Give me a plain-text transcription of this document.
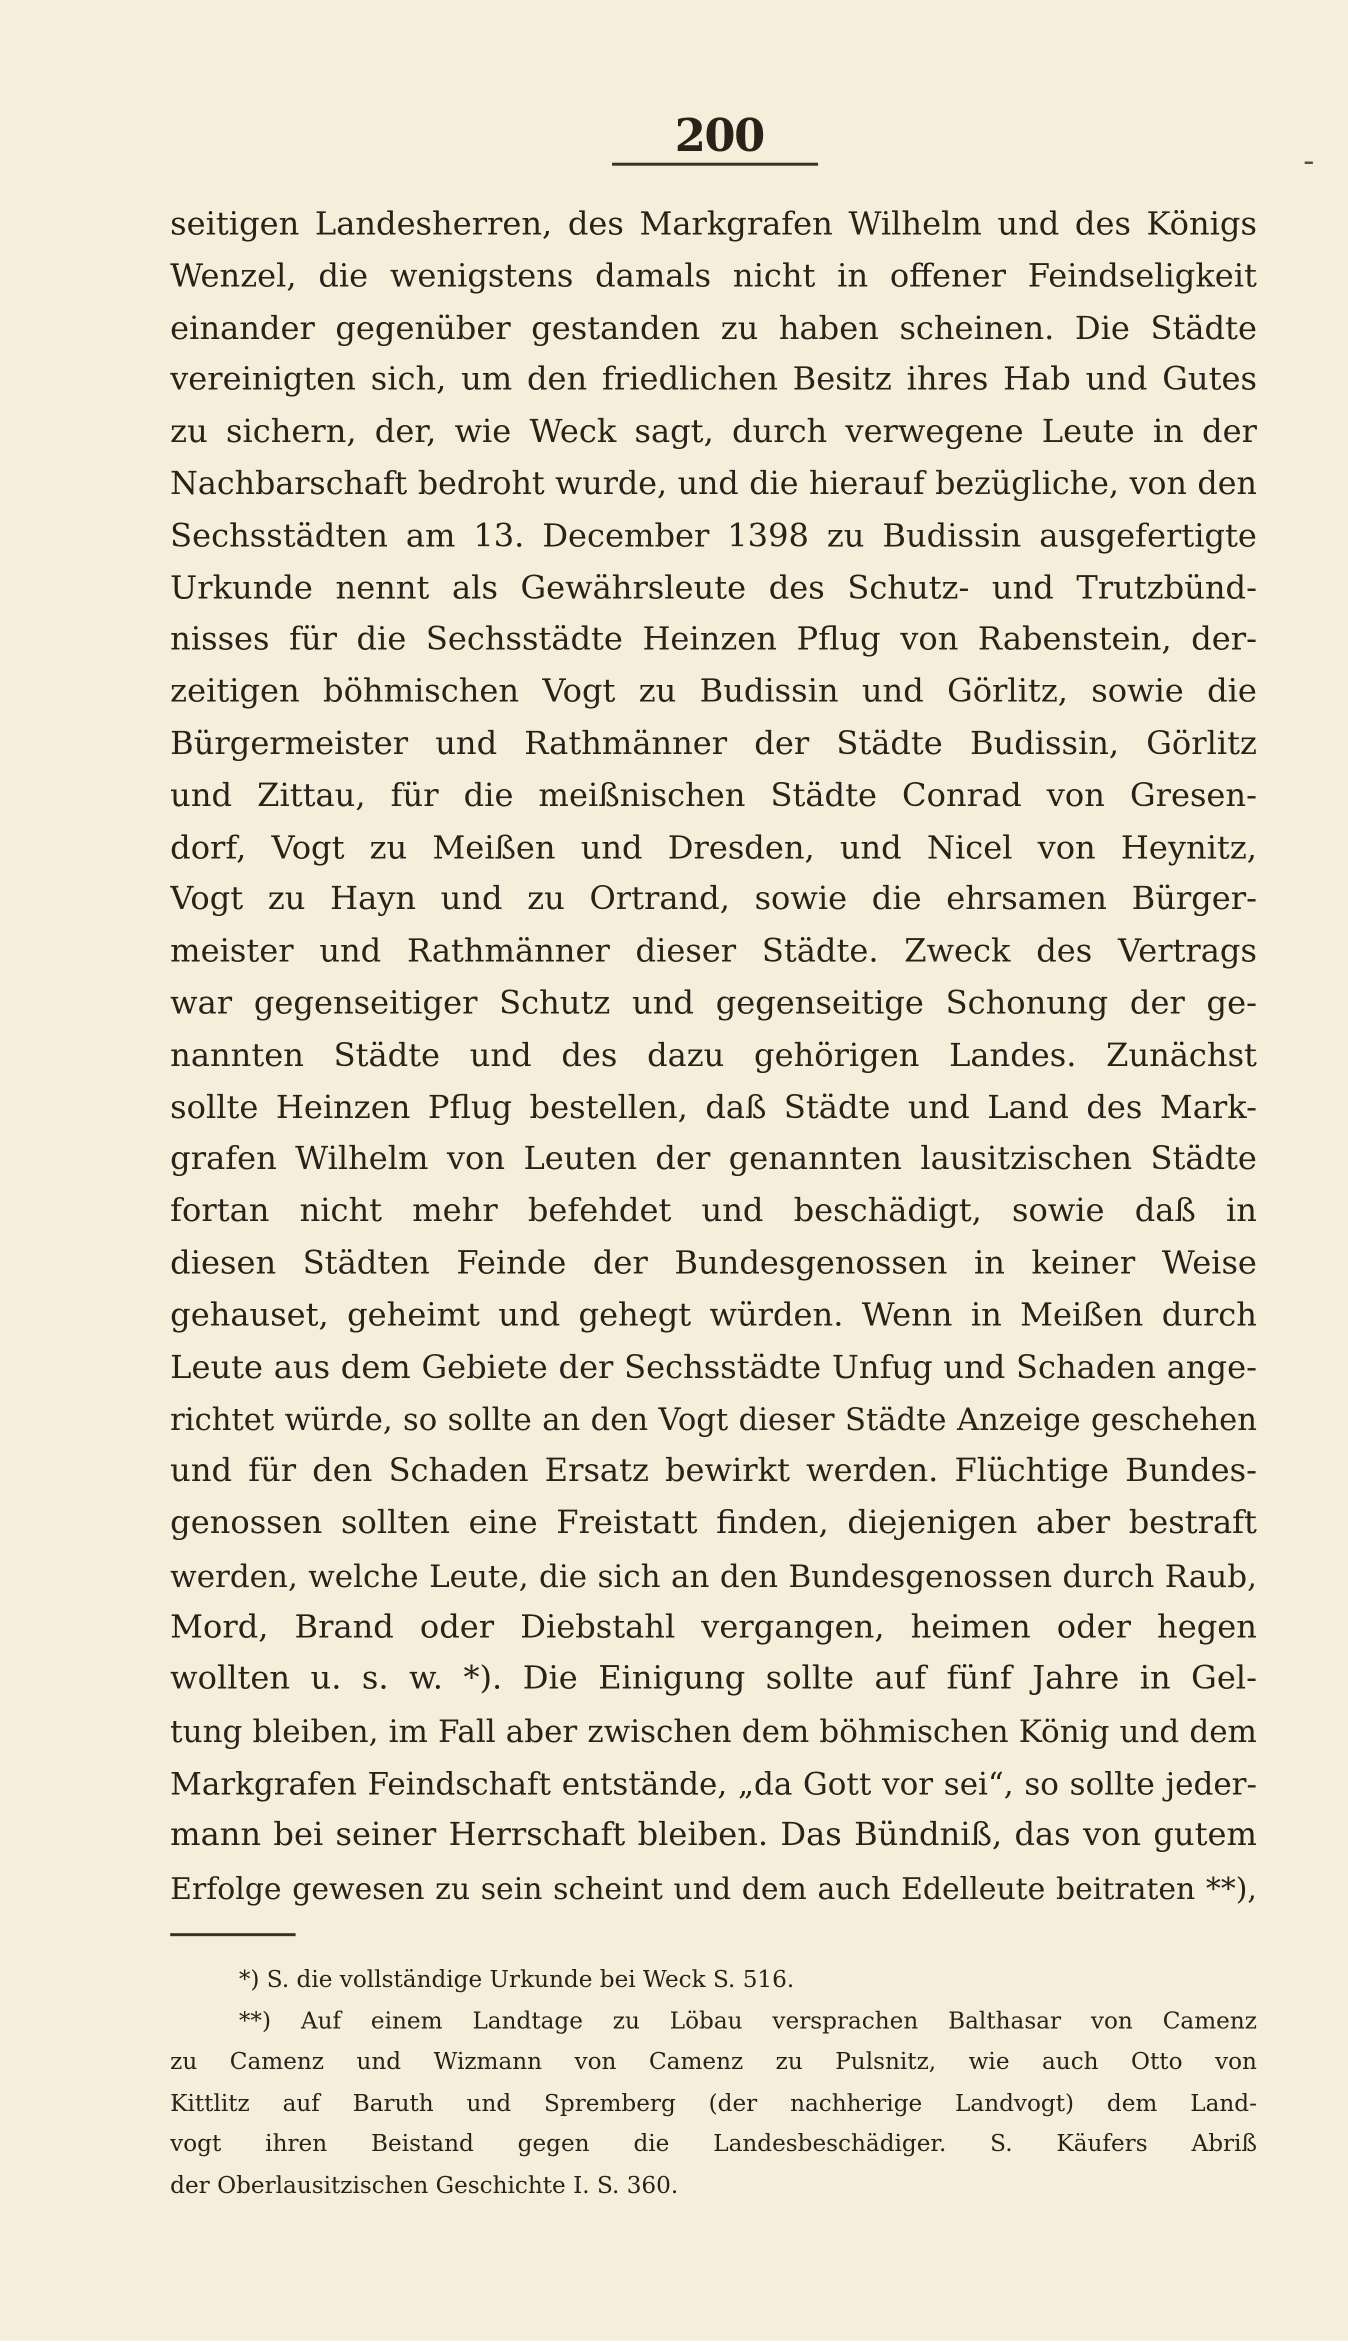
200	-
seitigen Landesherren, des Markgrafen Wilhelm und des Königs
Wenzel, die wenigstens damals nicht in offener Feindseligkeit
einander gegenüber gestanden zu haben scheinen. Die Städte
vereinigten sich, um den friedlichen Besitz ihres Hab und Gutes
zu sichern, der, wie Weck sagt, durch verwegene Leute in der
Nachbarschaft bedroht wurde, und die hierauf bezügliche, von den
Sechsstädten am 13. December 1398 zu Budissin ausgefertigte
Urkunde nennt als Gewährsleute des Schutz- und Trutzbünd-
nisses für die Sechsstädte Heinzen Pflug von Rabenstein, der-
zeitigen böhmischen Vogt zu Budissin und Görlitz, sowie die
Bürgermeister und Rathmänner der Städte Budissin, Görlitz
und Zittau, für die meißnischen Städte Conrad von Gresen-
dorf, Vogt zu Meißen und Dresden, und Nicel von Heynitz,
Vogt zu Hayn und zu Ortrand, sowie die ehrsamen Bürger-
meister und Rathmänner dieser Städte. Zweck des Vertrags
war gegenseitiger Schutz und gegenseitige Schonung der ge-
nannten Städte und des dazu gehörigen Landes. Zunächst
sollte Heinzen Pflug bestellen, daß Städte und Land des Mark-
grafen Wilhelm von Leuten der genannten lausitzischen Städte
fortan nicht mehr befehdet und beschädigt, sowie daß in
diesen Städten Feinde der Bundesgenossen in keiner Weise
gehauset, geheimt und gehegt würden. Wenn in Meißen durch
Leute aus dem Gebiete der Sechsstädte Unfug und Schaden ange-
richtet würde, so sollte an den Vogt dieser Städte Anzeige geschehen
und für den Schaden Ersatz bewirkt werden. Flüchtige Bundes-
genossen sollten eine Freistatt finden, diejenigen aber bestraft
werden, welche Leute, die sich an den Bundesgenossen durch Raub,
Mord, Brand oder Diebstahl vergangen, heimen oder hegen
wollten u. s. w. *). Die Einigung sollte auf fünf Jahre in Gel-
tung bleiben, im Fall aber zwischen dem böhmischen König und dem
Markgrafen Feindschaft entstände, „da Gott vor sei“, so sollte jeder-
mann bei seiner Herrschaft bleiben. Das Bündniß, das von gutem
Erfolge gewesen zu sein scheint und dem auch Edelleute beitraten **),
*) S. die vollständige Urkunde bei Weck S. 516.
**) Auf einem Landtage zu Löbau versprachen Balthasar von Camenz
zu Camenz und Wizmann von Camenz zu Pulsnitz, wie auch Otto von
Kittlitz auf Baruth und Spremberg (der nachherige Landvogt) dem Land-
vogt ihren Beistand gegen die Landesbeschädiger. S. Käufers Abriß
der Oberlausitzischen Geschichte I. S. 360.
